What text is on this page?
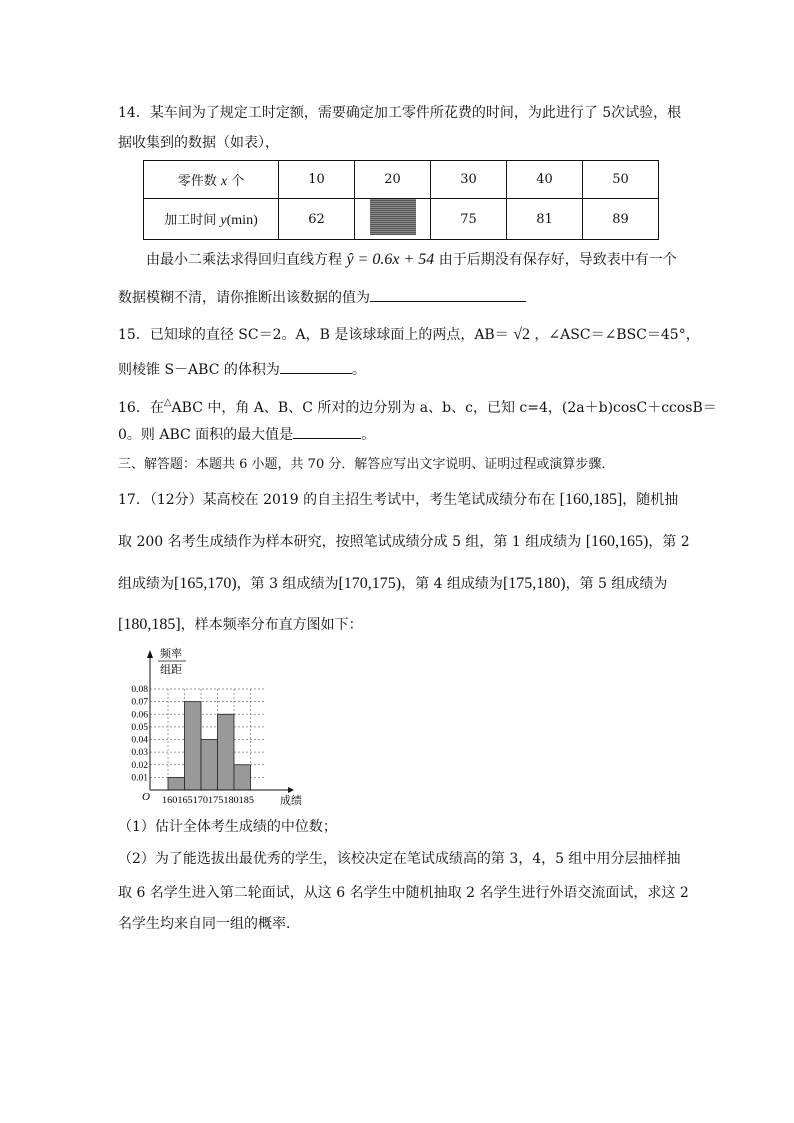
14．某车间为了规定工时定额，需要确定加工零件所花费的时间，为此进行了 5次试验，根
据收集到的数据（如表），
零件数 x 个	10	20	30	40	50
加工时间 y(min)	62		75	81	89
由最小二乘法求得回归直线方程 ŷ = 0.6x + 54 由于后期没有保存好，导致表中有一个
数据模糊不清，请你推断出该数据的值为
15．已知球的直径 SC＝2。A，B 是该球球面上的两点，AB＝ √2 ，∠ASC＝∠BSC＝45°，
则棱锥 S－ABC 的体积为	。
16．在△ABC 中，角 A、B、C 所对的边分别为 a、b、c，已知 c=4，(2a＋b)cosC＋ccosB＝
0。则 ABC 面积的最大值是	。
三、解答题：本题共 6 小题，共 70 分．解答应写出文字说明、证明过程或演算步骤．
17．（12分）某高校在 2019 的自主招生考试中，考生笔试成绩分布在 [160,185]，随机抽
取 200 名考生成绩作为样本研究，按照笔试成绩分成 5 组，第 1 组成绩为 [160,165)，第 2
组成绩为[165,170)，第 3 组成绩为[170,175)，第 4 组成绩为[175,180)，第 5 组成绩为
[180,185]，样本频率分布直方图如下：
0.01
0.02
0.03
0.04
0.05
0.06
0.07
0.08
160165170175180185
O
频率
组距
成绩
（1）估计全体考生成绩的中位数；
（2）为了能选拔出最优秀的学生，该校决定在笔试成绩高的第 3，4，5 组中用分层抽样抽
取 6 名学生进入第二轮面试，从这 6 名学生中随机抽取 2 名学生进行外语交流面试，求这 2
名学生均来自同一组的概率．
